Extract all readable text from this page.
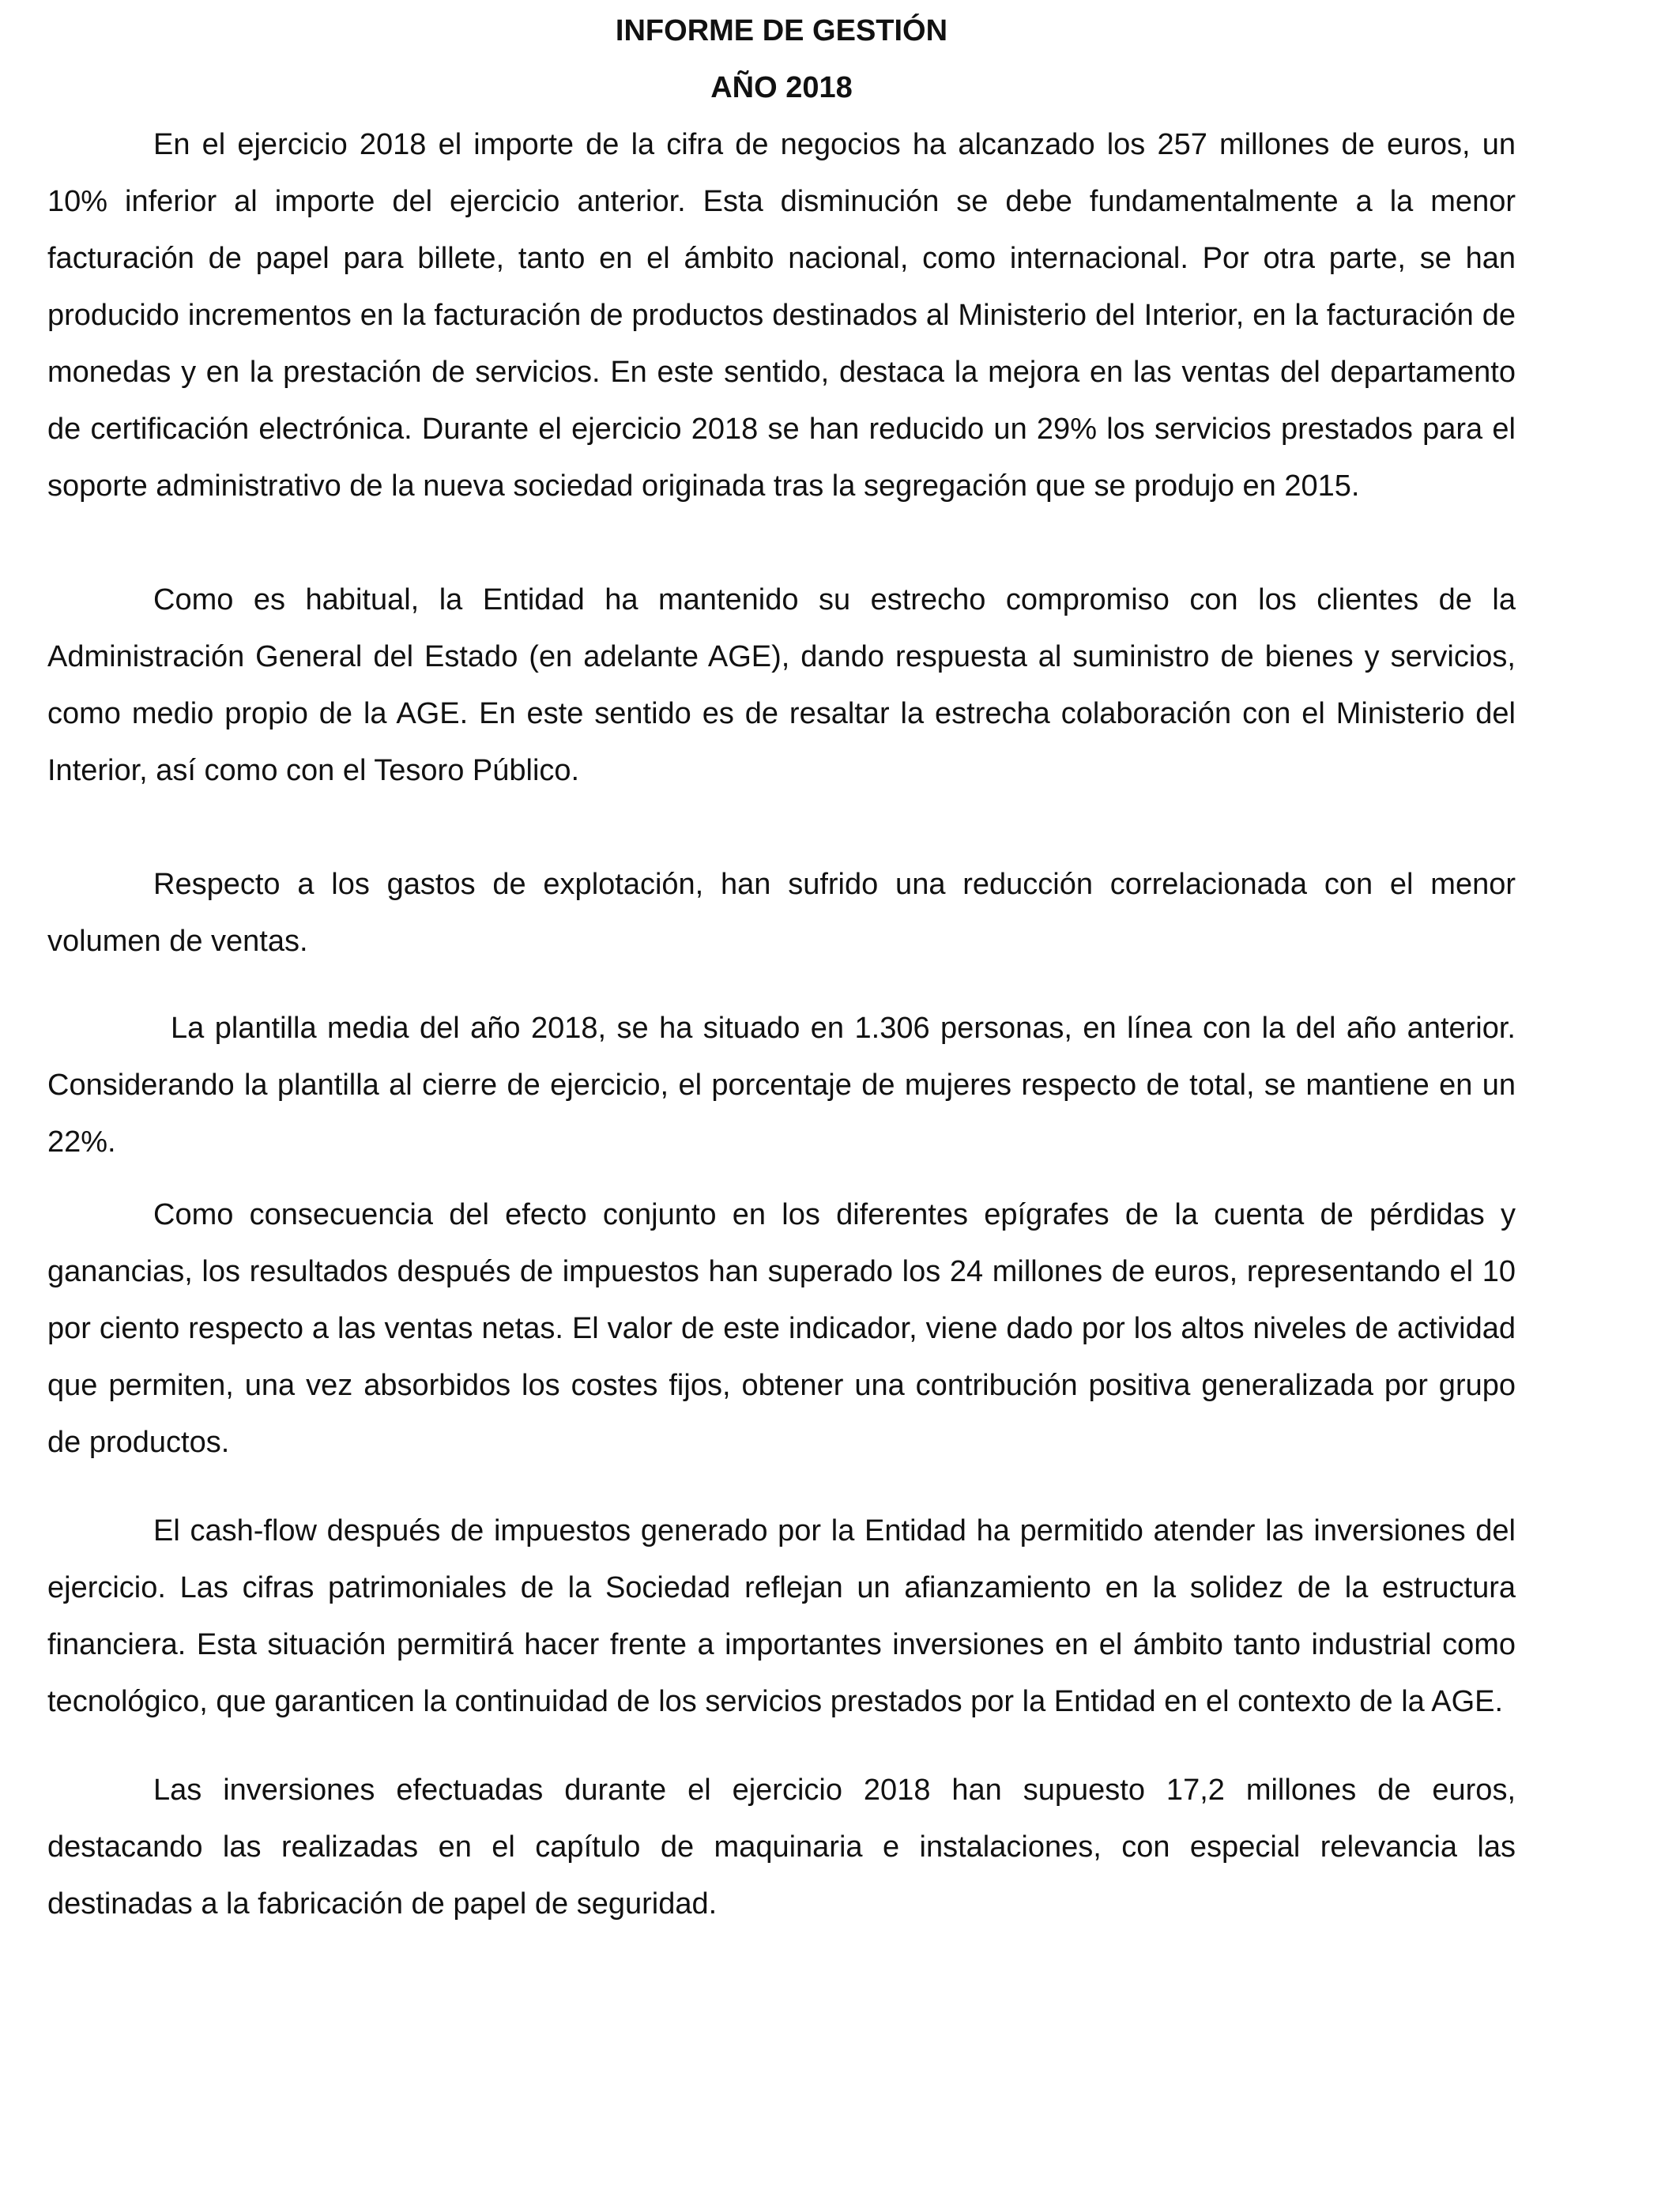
INFORME DE GESTIÓN
AÑO 2018

En el ejercicio 2018 el importe de la cifra de negocios ha alcanzado los 257 millones de euros, un 10% inferior al importe del ejercicio anterior. Esta disminución se debe fundamentalmente a la menor facturación de papel para billete, tanto en el ámbito nacional, como internacional. Por otra parte, se han producido incrementos en la facturación de productos destinados al Ministerio del Interior, en la facturación de monedas y en la prestación de servicios. En este sentido, destaca la mejora en las ventas del departamento de certificación electrónica. Durante el ejercicio 2018 se han reducido un 29% los servicios prestados para el soporte administrativo de la nueva sociedad originada tras la segregación que se produjo en 2015.

Como es habitual, la Entidad ha mantenido su estrecho compromiso con los clientes de la Administración General del Estado (en adelante AGE), dando respuesta al suministro de bienes y servicios, como medio propio de la AGE. En este sentido es de resaltar la estrecha colaboración con el Ministerio del Interior, así como con el Tesoro Público.

Respecto a los gastos de explotación, han sufrido una reducción correlacionada con el menor volumen de ventas.

La plantilla media del año 2018, se ha situado en 1.306 personas, en línea con la del año anterior. Considerando la plantilla al cierre de ejercicio, el porcentaje de mujeres respecto de total, se mantiene en un 22%.

Como consecuencia del efecto conjunto en los diferentes epígrafes de la cuenta de pérdidas y ganancias, los resultados después de impuestos han superado los 24 millones de euros, representando el 10 por ciento respecto a las ventas netas. El valor de este indicador, viene dado por los altos niveles de actividad que permiten, una vez absorbidos los costes fijos, obtener una contribución positiva generalizada por grupo de productos.

El cash-flow después de impuestos generado por la Entidad ha permitido atender las inversiones del ejercicio. Las cifras patrimoniales de la Sociedad reflejan un afianzamiento en la solidez de la estructura financiera. Esta situación permitirá hacer frente a importantes inversiones en el ámbito tanto industrial como tecnológico, que garanticen la continuidad de los servicios prestados por la Entidad en el contexto de la AGE.

Las inversiones efectuadas durante el ejercicio 2018 han supuesto 17,2 millones de euros, destacando las realizadas en el capítulo de maquinaria e instalaciones, con especial relevancia las destinadas a la fabricación de papel de seguridad.
